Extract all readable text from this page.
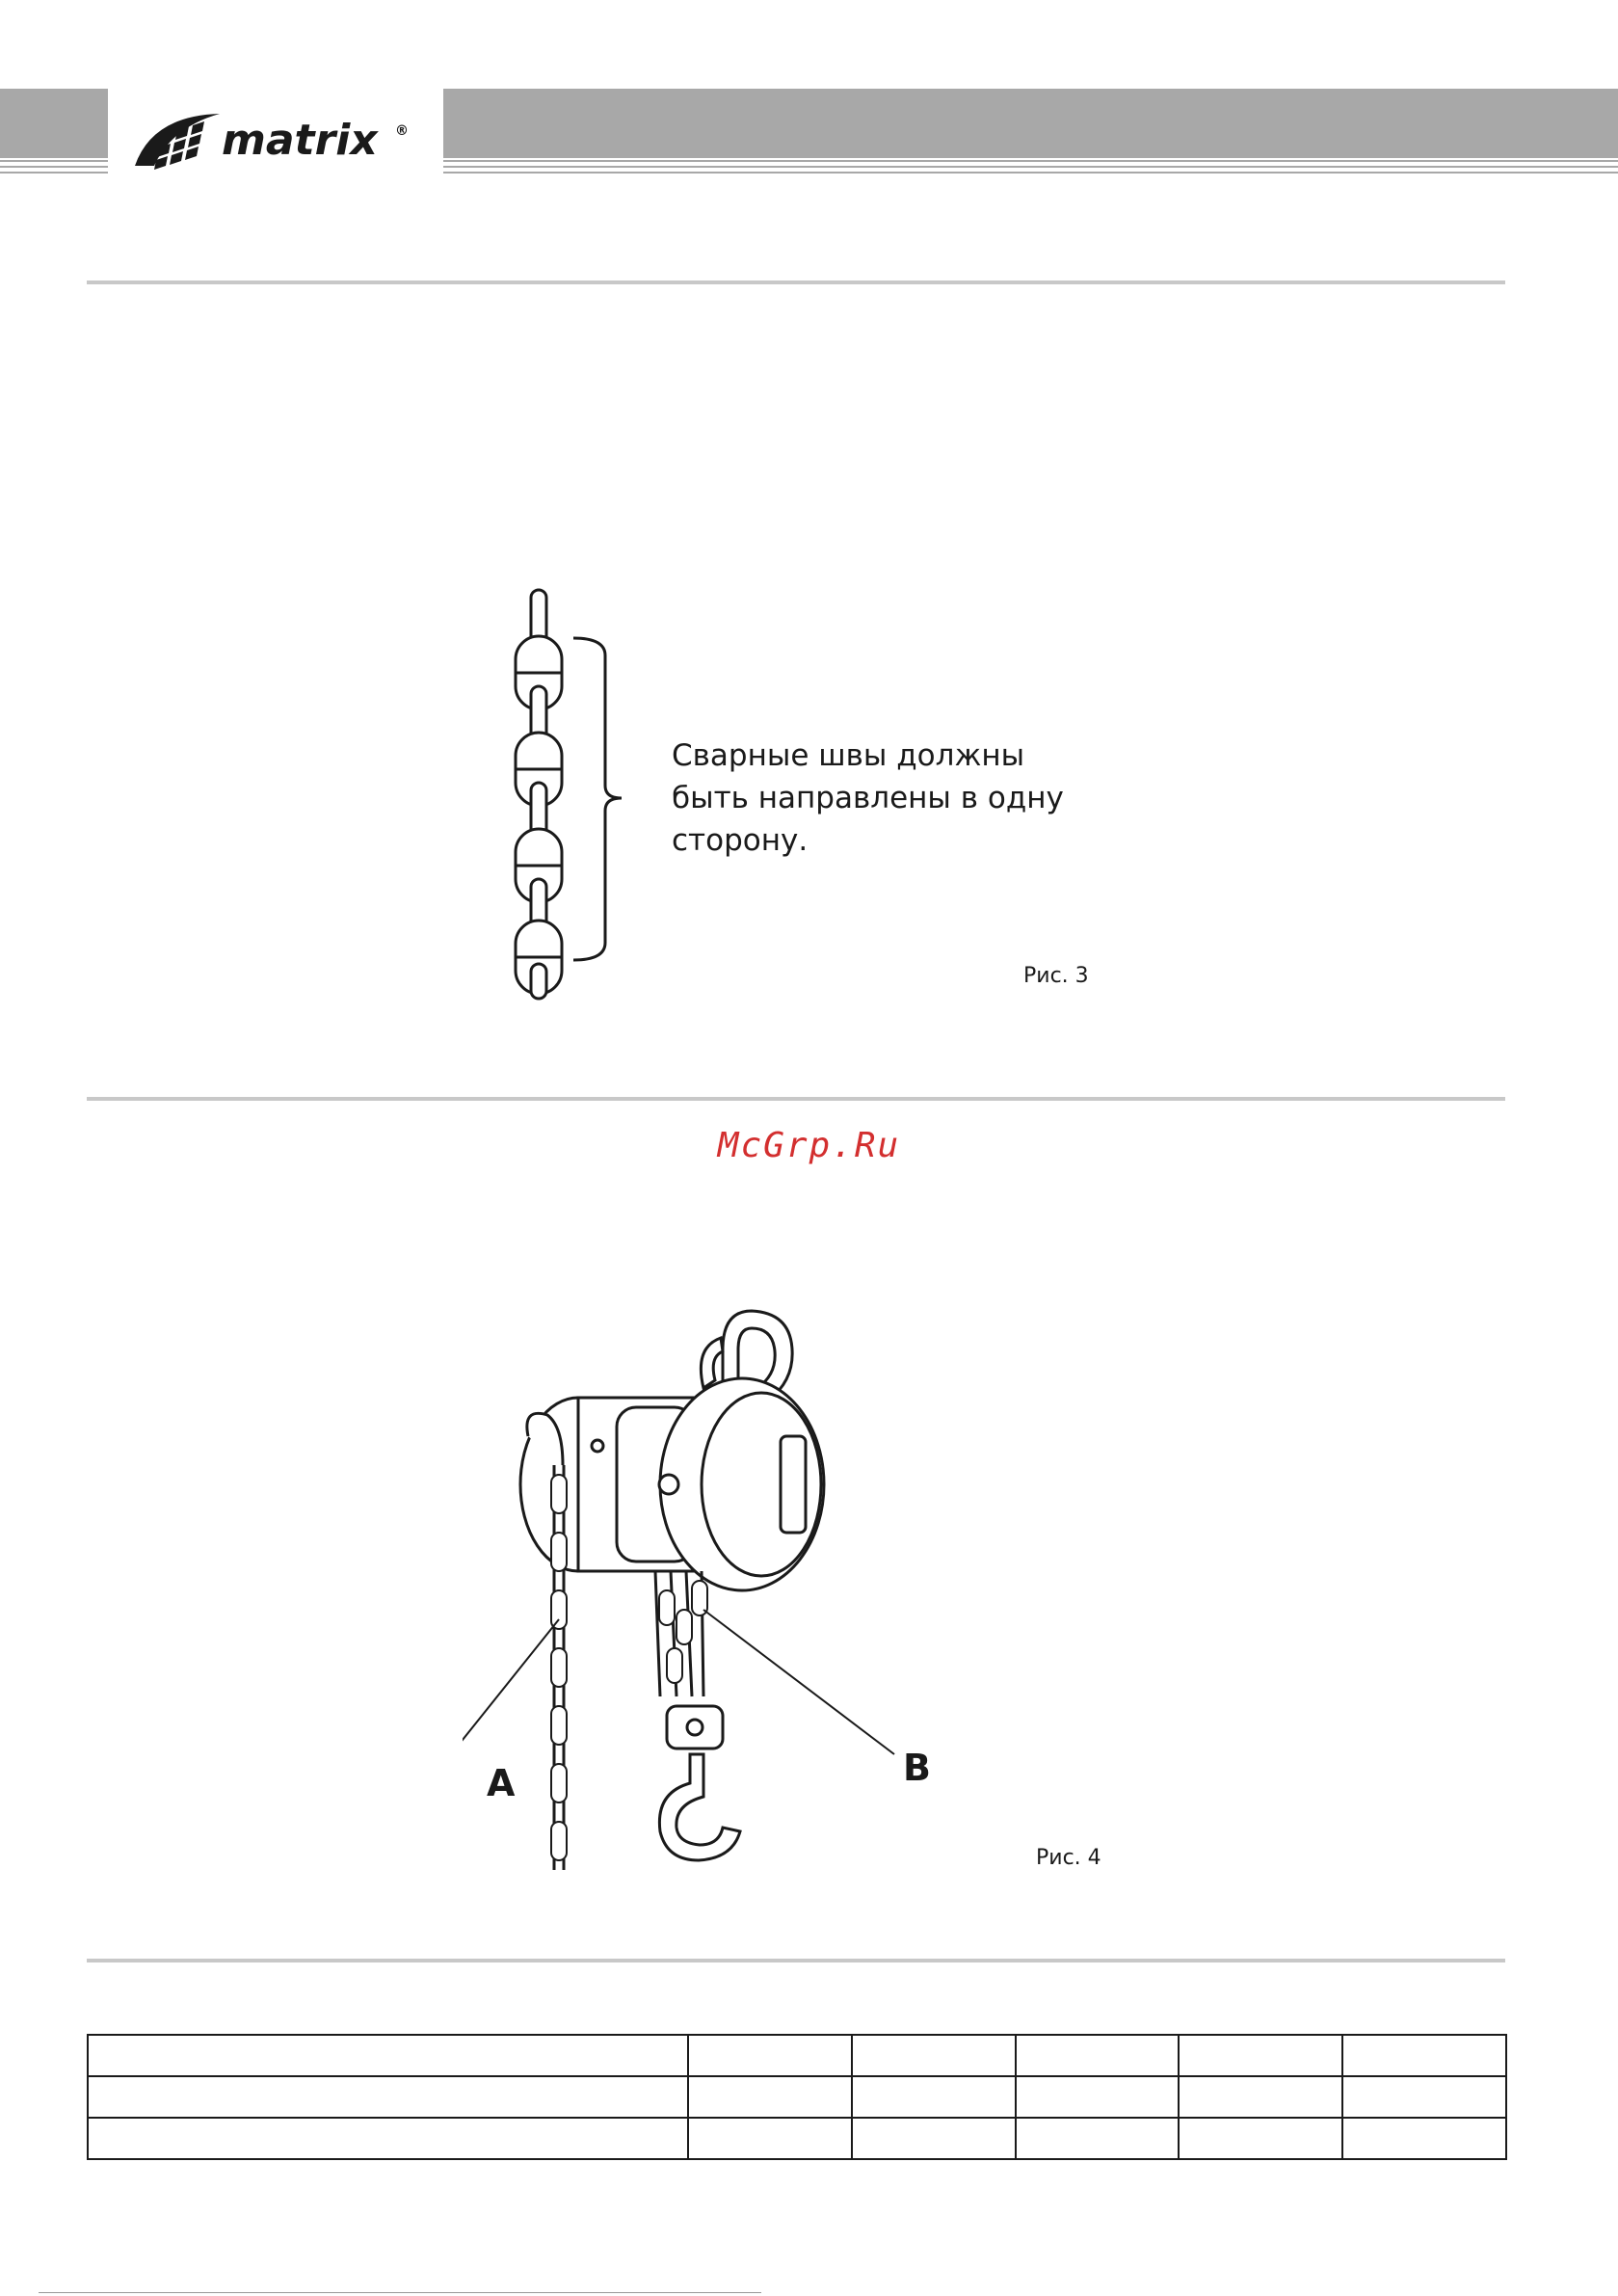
matrix ®
Сварные швы должны
быть направлены в одну
сторону.
Рис. 3
McGrp.Ru
A	B
Рис. 4
